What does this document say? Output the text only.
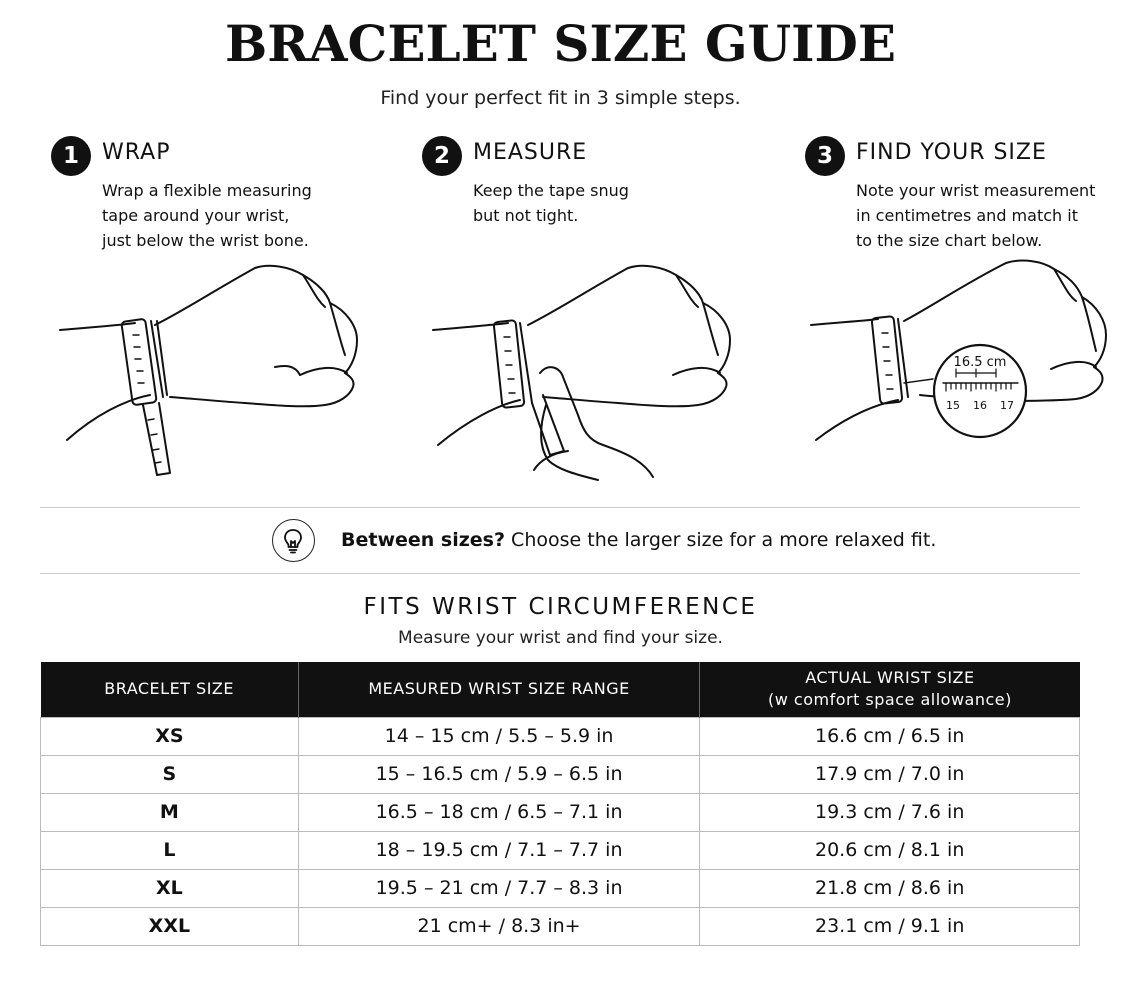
BRACELET SIZE GUIDE
Find your perfect fit in 3 simple steps.
1	WRAP
Wrap a flexible measuring
tape around your wrist,
just below the wrist bone.
2	MEASURE
Keep the tape snug
but not tight.
3	FIND YOUR SIZE
Note your wrist measurement
in centimetres and match it
to the size chart below.
16.5 cm
15 16 17
Between sizes? Choose the larger size for a more relaxed fit.
FITS WRIST CIRCUMFERENCE
Measure your wrist and find your size.
BRACELET SIZE	MEASURED WRIST SIZE RANGE	ACTUAL WRIST SIZE
(w comfort space allowance)

XS	14 – 15 cm / 5.5 – 5.9 in	16.6 cm / 6.5 in
S	15 – 16.5 cm / 5.9 – 6.5 in	17.9 cm / 7.0 in
M	16.5 – 18 cm / 6.5 – 7.1 in	19.3 cm / 7.6 in
L	18 – 19.5 cm / 7.1 – 7.7 in	20.6 cm / 8.1 in
XL	19.5 – 21 cm / 7.7 – 8.3 in	21.8 cm / 8.6 in
XXL	21 cm+ / 8.3 in+	23.1 cm / 9.1 in
